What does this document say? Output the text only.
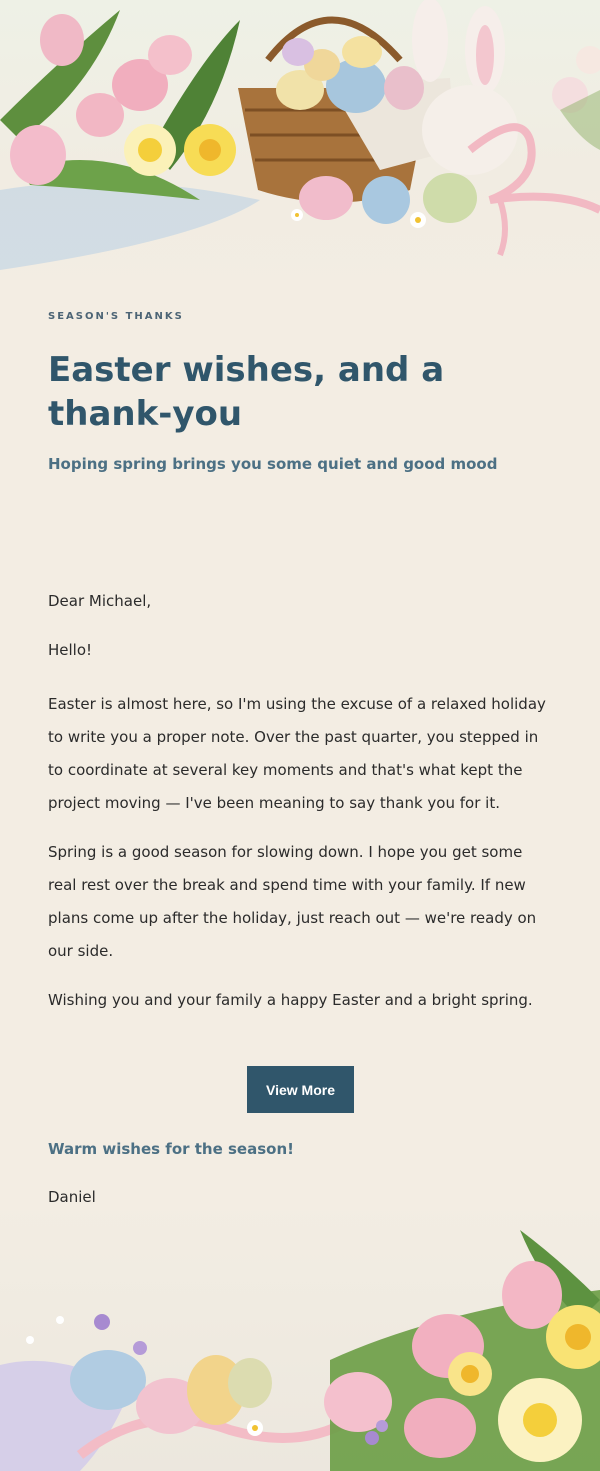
SEASON'S THANKS
Easter wishes, and a thank-you
Hoping spring brings you some quiet and good mood

Dear Michael,

Hello!

Easter is almost here, so I'm using the excuse of a relaxed holiday to write you a proper note. Over the past quarter, you stepped in to coordinate at several key moments and that's what kept the project moving — I've been meaning to say thank you for it.

Spring is a good season for slowing down. I hope you get some real rest over the break and spend time with your family. If new plans come up after the holiday, just reach out — we're ready on our side.

Wishing you and your family a happy Easter and a bright spring.

View More
Warm wishes for the season!
Daniel
